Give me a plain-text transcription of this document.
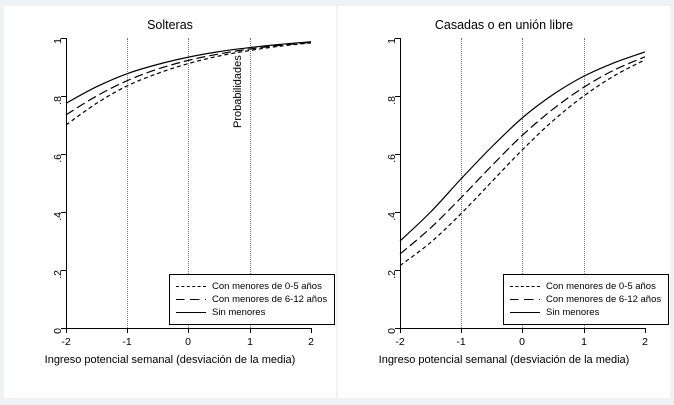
Solteras
Probabilidades
0
.2
.4
.6
.8
1
-2	-1	0	1	2
Ingreso potencial semanal (desviación de la media)
Con menores de 0-5 años
Con menores de 6-12 años
Sin menores
Casadas o en unión libre
0
.2
.4
.6
.8
1
-2	-1	0	1	2
Ingreso potencial semanal (desviación de la media)
Con menores de 0-5 años
Con menores de 6-12 años
Sin menores
